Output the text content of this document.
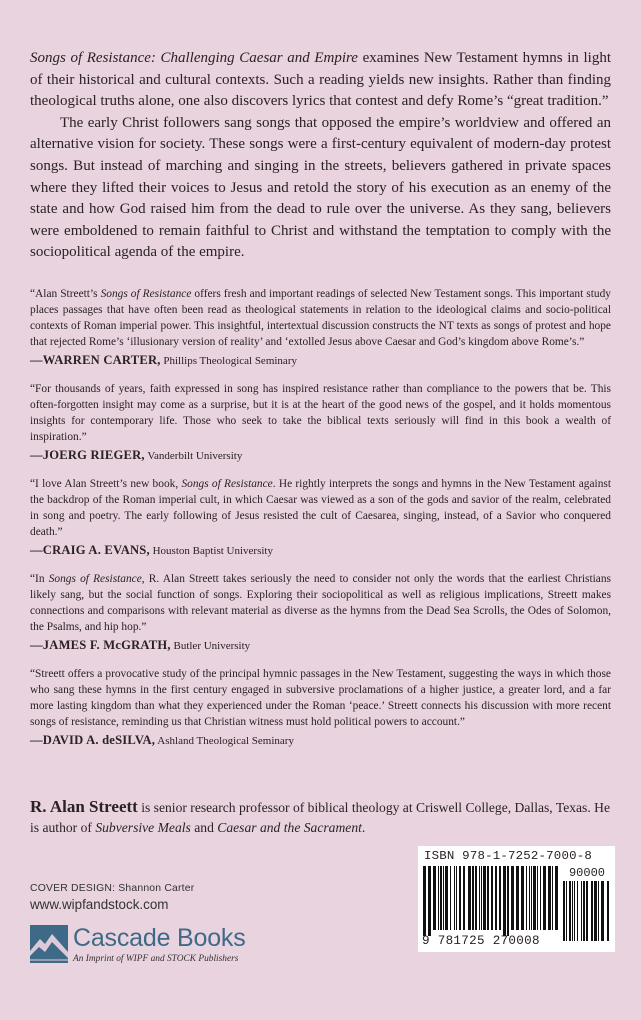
Songs of Resistance: Challenging Caesar and Empire examines New Testament hymns in light of their historical and cultural contexts. Such a reading yields new insights. Rather than finding theological truths alone, one also discovers lyrics that contest and defy Rome’s “great tradition.”

The early Christ followers sang songs that opposed the empire’s worldview and offered an alternative vision for society. These songs were a first-century equivalent of modern-day protest songs. But instead of marching and singing in the streets, believers gathered in private spaces where they lifted their voices to Jesus and retold the story of his execution as an enemy of the state and how God raised him from the dead to rule over the universe. As they sang, believers were emboldened to remain faithful to Christ and withstand the temptation to comply with the sociopolitical agenda of the empire.

“Alan Streett’s Songs of Resistance offers fresh and important readings of selected New Testament songs. This important study places passages that have often been read as theological statements in relation to the ideological claims and socio-political contexts of Roman imperial power. This insightful, intertextual discussion constructs the NT texts as songs of protest and hope that rejected Rome’s ‘illusionary version of reality’ and ‘extolled Jesus above Caesar and God’s kingdom above Rome’s.”

—WARREN CARTER, Phillips Theological Seminary

“For thousands of years, faith expressed in song has inspired resistance rather than compliance to the powers that be. This often-forgotten insight may come as a surprise, but it is at the heart of the good news of the gospel, and it holds momentous insights for contemporary life. Those who seek to take the biblical texts seriously will find in this book a wealth of inspiration.”

—JOERG RIEGER, Vanderbilt University

“I love Alan Streett’s new book, Songs of Resistance. He rightly interprets the songs and hymns in the New Testament against the backdrop of the Roman imperial cult, in which Caesar was viewed as a son of the gods and savior of the realm, celebrated in song and poetry. The early following of Jesus resisted the cult of Caesarea, singing, instead, of a Savior who conquered death.”

—CRAIG A. EVANS, Houston Baptist University

“In Songs of Resistance, R. Alan Streett takes seriously the need to consider not only the words that the earliest Christians likely sang, but the social function of songs. Exploring their sociopolitical as well as religious implications, Streett makes connections and comparisons with relevant material as diverse as the hymns from the Dead Sea Scrolls, the Odes of Solomon, the Psalms, and hip hop.”

—JAMES F. McGRATH, Butler University

“Streett offers a provocative study of the principal hymnic passages in the New Testament, suggesting the ways in which those who sang these hymns in the first century engaged in subversive proclamations of a higher justice, a greater lord, and a far more lasting kingdom than what they experienced under the Roman ‘peace.’ Streett connects his discussion with more recent songs of resistance, reminding us that Christian witness must hold political powers to account.”

—DAVID A. deSILVA, Ashland Theological Seminary

R. Alan Streett is senior research professor of biblical theology at Criswell College, Dallas, Texas. He is author of Subversive Meals and Caesar and the Sacrament.

ISBN 978-1-7252-7000-8
90000
9 781725 270008
COVER DESIGN: Shannon Carter
www.wipfandstock.com
Cascade Books
An Imprint of WIPF and STOCK Publishers
